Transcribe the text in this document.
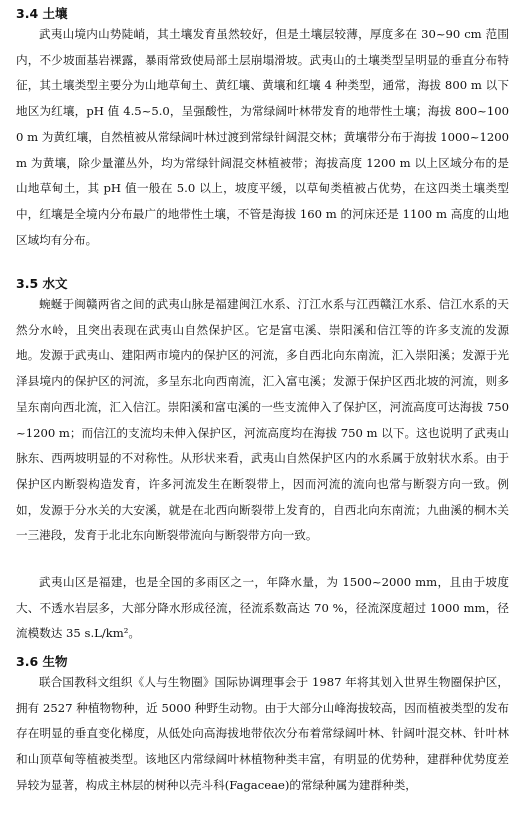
3.4 土壤
武夷山境内山势陡峭，其土壤发育虽然较好，但是土壤层较薄，厚度多在 30~90 cm 范围内，不少坡面基岩裸露，暴雨常致使局部土层崩塌滑坡。武夷山的土壤类型呈明显的垂直分布特征，其土壤类型主要分为山地草甸土、黄红壤、黄壤和红壤 4 种类型，通常，海拔 800 m 以下地区为红壤，pH 值 4.5~5.0，呈强酸性，为常绿阔叶林带发育的地带性土壤；海拔 800~1000 m 为黄红壤，自然植被从常绿阔叶林过渡到常绿针阔混交林；黄壤带分布于海拔 1000~1200 m 为黄壤，除少量灌丛外，均为常绿针阔混交林植被带；海拔高度 1200 m 以上区域分布的是山地草甸土，其 pH 值一般在 5.0 以上，坡度平缓，以草甸类植被占优势，在这四类土壤类型中，红壤是全境内分布最广的地带性土壤，不管是海拔 160 m 的河床还是 1100 m 高度的山地区域均有分布。
3.5 水文
蜿蜒于闽赣两省之间的武夷山脉是福建闽江水系、汀江水系与江西赣江水系、信江水系的天然分水岭，且突出表现在武夷山自然保护区。它是富屯溪、崇阳溪和信江等的许多支流的发源地。发源于武夷山、建阳两市境内的保护区的河流，多自西北向东南流，汇入崇阳溪；发源于光泽县境内的保护区的河流，多呈东北向西南流，汇入富屯溪；发源于保护区西北坡的河流，则多呈东南向西北流，汇入信江。崇阳溪和富屯溪的一些支流伸入了保护区，河流高度可达海拔 750~1200 m；而信江的支流均未伸入保护区，河流高度均在海拔 750 m 以下。这也说明了武夷山脉东、西两坡明显的不对称性。从形状来看，武夷山自然保护区内的水系属于放射状水系。由于保护区内断裂构造发育，许多河流发生在断裂带上，因而河流的流向也常与断裂方向一致。例如，发源于分水关的大安溪，就是在北西向断裂带上发育的，自西北向东南流；九曲溪的桐木关一三港段，发育于北北东向断裂带流向与断裂带方向一致。
武夷山区是福建，也是全国的多雨区之一，年降水量，为 1500~2000 mm，且由于坡度大、不透水岩层多，大部分降水形成径流，径流系数高达 70 %，径流深度超过 1000 mm，径流模数达 35 s.L/km²。
3.6 生物
联合国教科文组织《人与生物圈》国际协调理事会于 1987 年将其划入世界生物圈保护区，拥有 2527 种植物物种，近 5000 种野生动物。由于大部分山峰海拔较高，因而植被类型的发布存在明显的垂直变化梯度，从低处向高海拔地带依次分布着常绿阔叶林、针阔叶混交林、针叶林和山顶草甸等植被类型。该地区内常绿阔叶林植物种类丰富，有明显的优势种，建群种优势度差异较为显著，构成主林层的树种以壳斗科(Fagaceae)的常绿种属为建群种类，
